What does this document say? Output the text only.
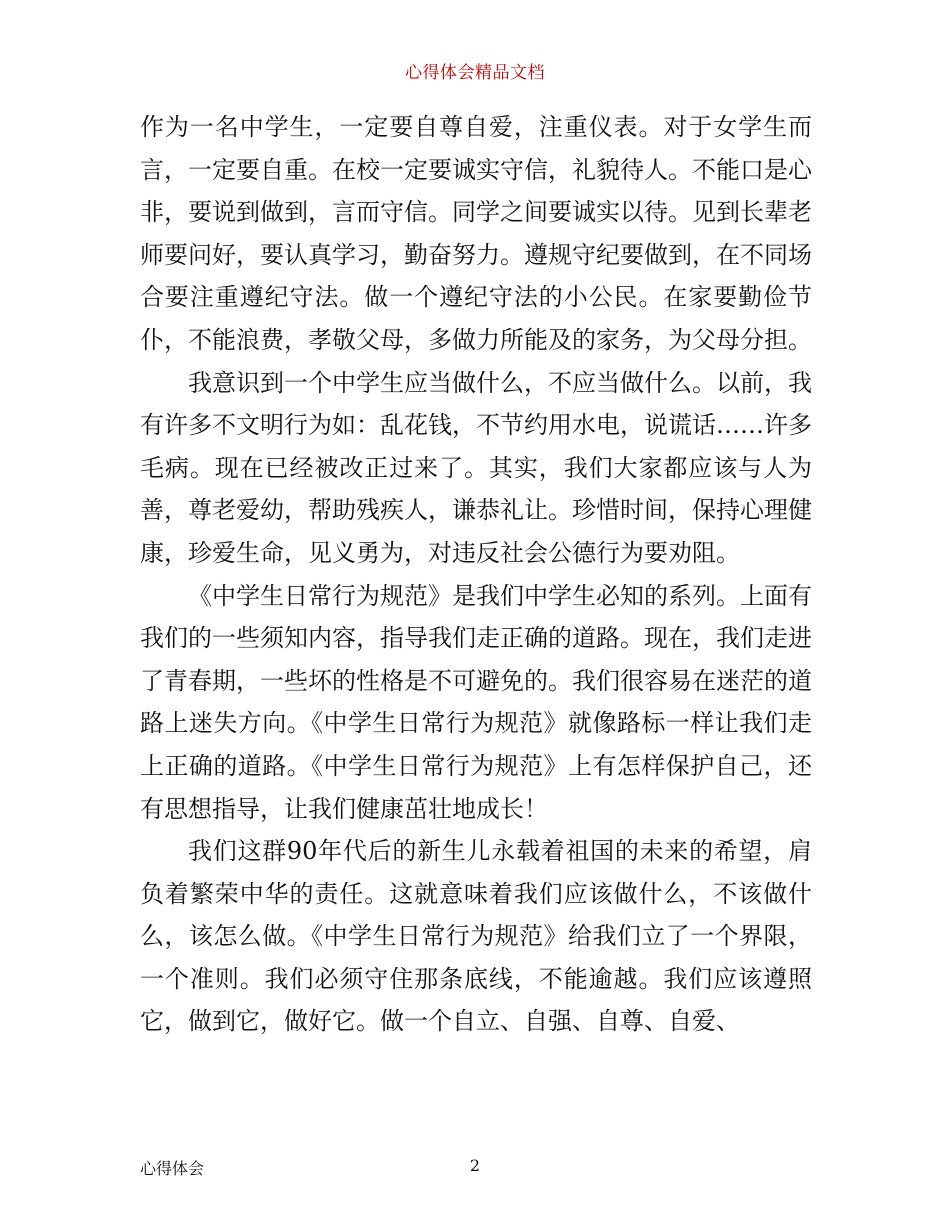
心得体会精品文档

作为一名中学生，一定要自尊自爱，注重仪表。对于女学生而言，一定要自重。在校一定要诚实守信，礼貌待人。不能口是心非，要说到做到，言而守信。同学之间要诚实以待。见到长辈老师要问好，要认真学习，勤奋努力。遵规守纪要做到，在不同场合要注重遵纪守法。做一个遵纪守法的小公民。在家要勤俭节仆，不能浪费，孝敬父母，多做力所能及的家务，为父母分担。

我意识到一个中学生应当做什么，不应当做什么。以前，我有许多不文明行为如：乱花钱，不节约用水电，说谎话……许多毛病。现在已经被改正过来了。其实，我们大家都应该与人为善，尊老爱幼，帮助残疾人，谦恭礼让。珍惜时间，保持心理健康，珍爱生命，见义勇为，对违反社会公德行为要劝阻。

《中学生日常行为规范》是我们中学生必知的系列。上面有我们的一些须知内容，指导我们走正确的道路。现在，我们走进了青春期，一些坏的性格是不可避免的。我们很容易在迷茫的道路上迷失方向。《中学生日常行为规范》就像路标一样让我们走上正确的道路。《中学生日常行为规范》上有怎样保护自己，还有思想指导，让我们健康茁壮地成长！

我们这群90年代后的新生儿永载着祖国的未来的希望，肩负着繁荣中华的责任。这就意味着我们应该做什么，不该做什么，该怎么做。《中学生日常行为规范》给我们立了一个界限，一个准则。我们必须守住那条底线，不能逾越。我们应该遵照它，做到它，做好它。做一个自立、自强、自尊、自爱、

心得体会	2
